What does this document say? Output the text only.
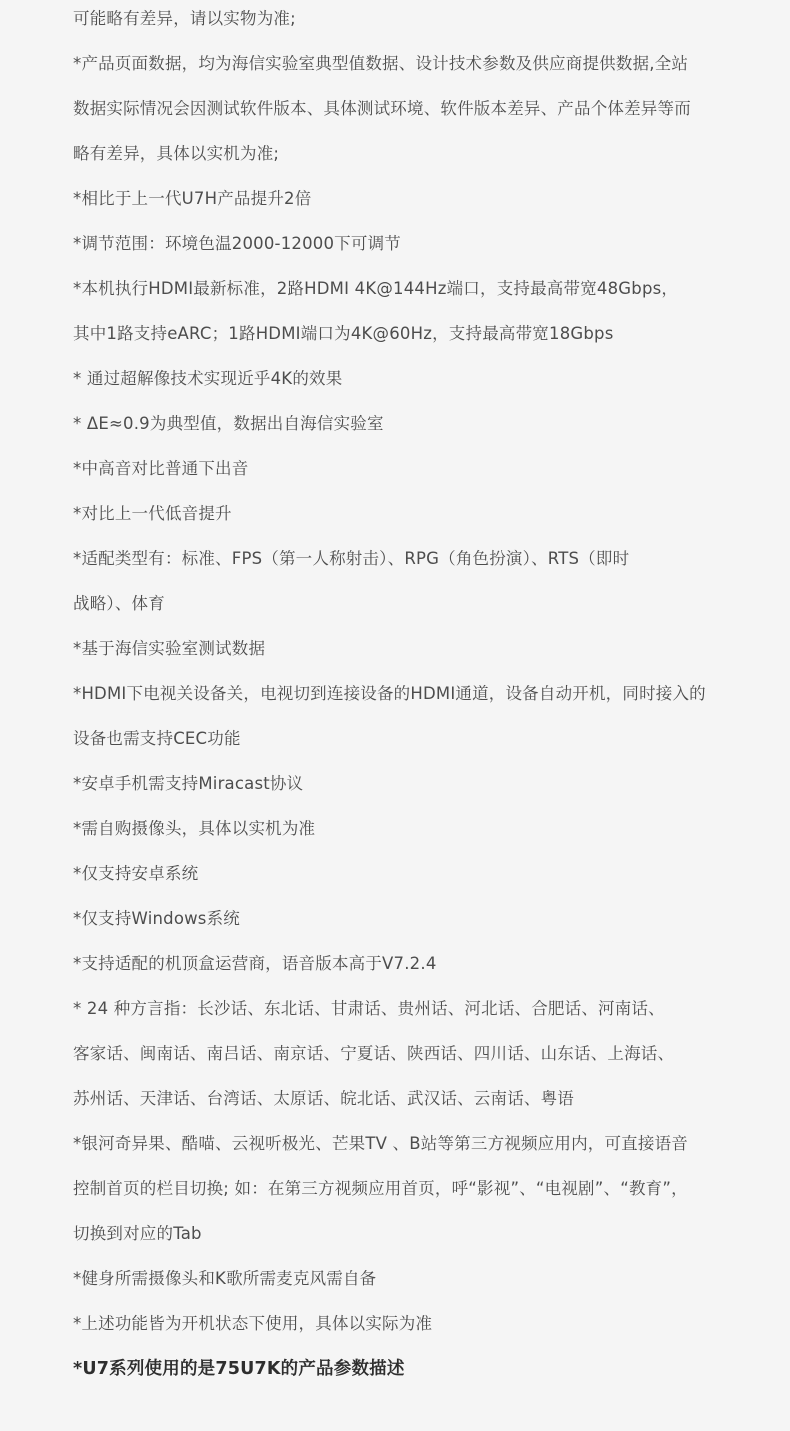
可能略有差异，请以实物为准;
*产品页面数据，均为海信实验室典型值数据、设计技术参数及供应商提供数据,全站
数据实际情况会因测试软件版本、具体测试环境、软件版本差异、产品个体差异等而
略有差异，具体以实机为准;
*相比于上一代U7H产品提升2倍
*调节范围：环境色温2000-12000下可调节
*本机执行HDMI最新标准，2路HDMI 4K@144Hz端口，支持最高带宽48Gbps，
其中1路支持eARC；1路HDMI端口为4K@60Hz，支持最高带宽18Gbps
* 通过超解像技术实现近乎4K的效果
* ΔE≈0.9为典型值，数据出自海信实验室
*中高音对比普通下出音
*对比上一代低音提升
*适配类型有：标准、FPS（第一人称射击）、RPG（角色扮演）、RTS（即时
战略）、体育
*基于海信实验室测试数据
*HDMI下电视关设备关，电视切到连接设备的HDMI通道，设备自动开机，同时接入的
设备也需支持CEC功能
*安卓手机需支持Miracast协议
*需自购摄像头，具体以实机为准
*仅支持安卓系统
*仅支持Windows系统
*支持适配的机顶盒运营商，语音版本高于V7.2.4
* 24 种方言指：长沙话、东北话、甘肃话、贵州话、河北话、合肥话、河南话、
客家话、闽南话、南吕话、南京话、宁夏话、陕西话、四川话、山东话、上海话、
苏州话、天津话、台湾话、太原话、皖北话、武汉话、云南话、粤语
*银河奇异果、酷喵、云视听极光、芒果TV 、B站等第三方视频应用内，可直接语音
控制首页的栏目切换; 如：在第三方视频应用首页，呼“影视”、“电视剧”、“教育”，
切换到对应的Tab
*健身所需摄像头和K歌所需麦克风需自备
*上述功能皆为开机状态下使用，具体以实际为准
*U7系列使用的是75U7K的产品参数描述
